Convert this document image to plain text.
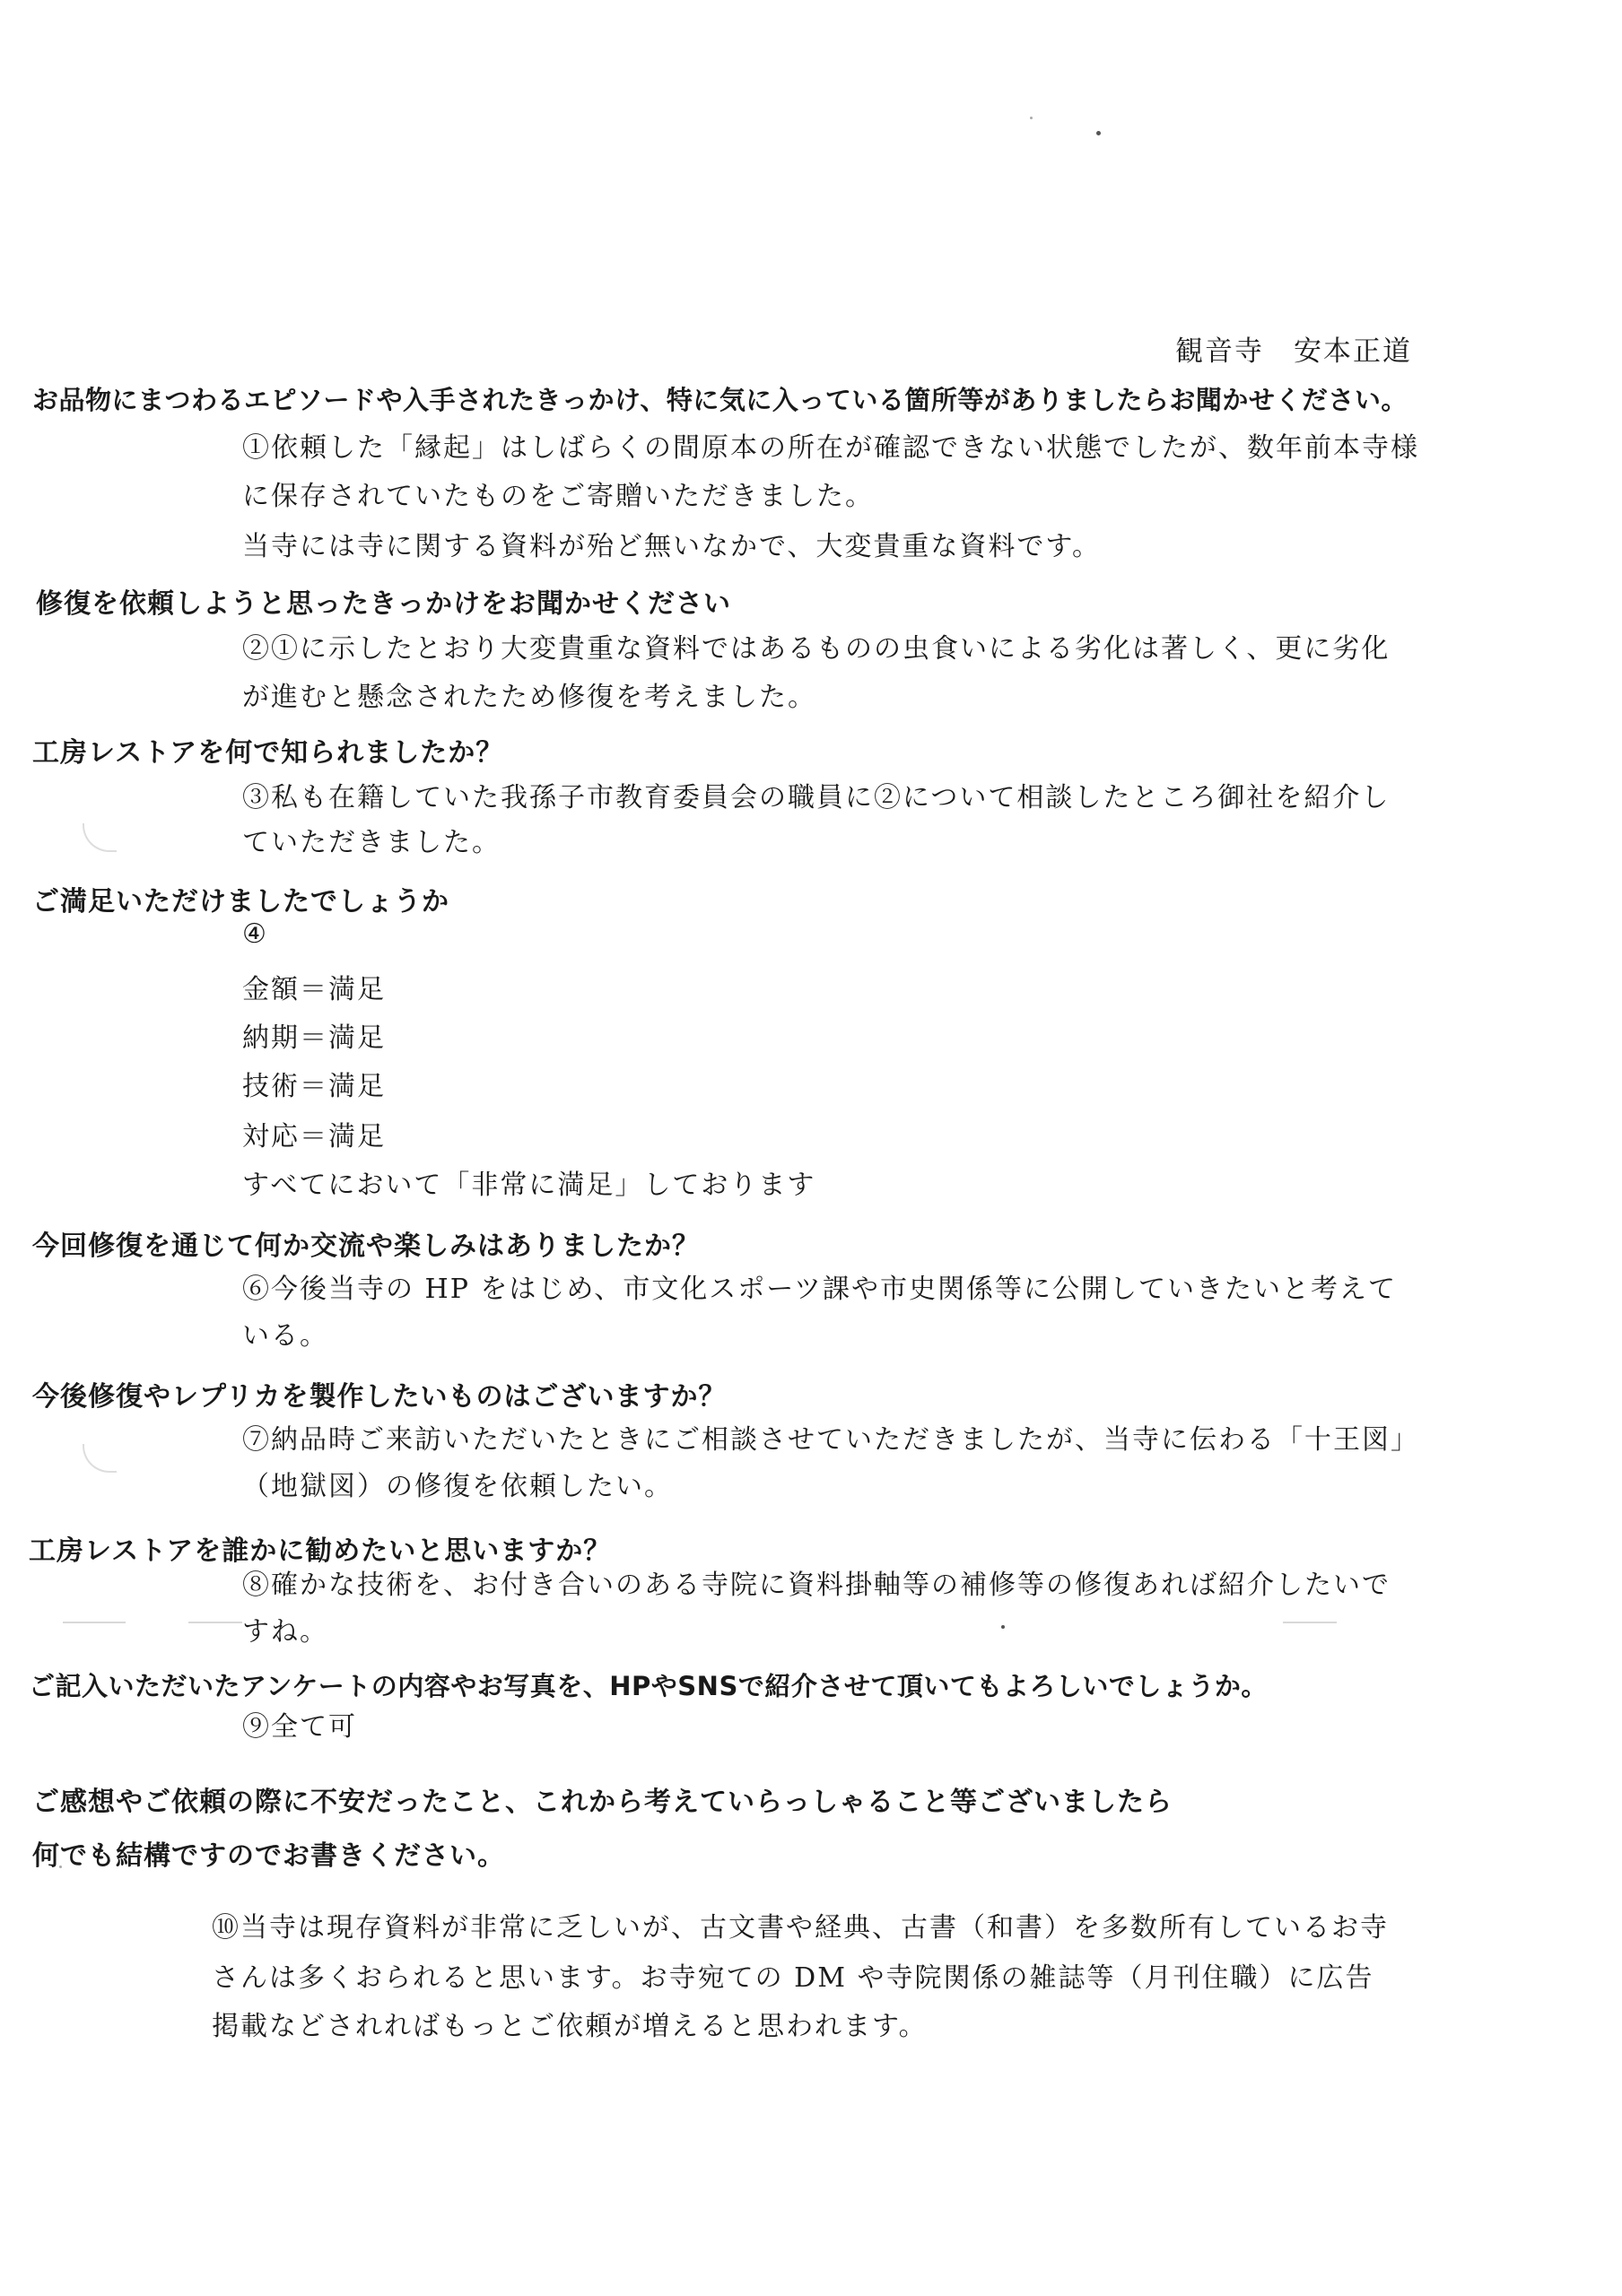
観音寺　安本正道
お品物にまつわるエピソードや入手されたきっかけ、特に気に入っている箇所等がありましたらお聞かせください。
①依頼した「縁起」はしばらくの間原本の所在が確認できない状態でしたが、数年前本寺様
に保存されていたものをご寄贈いただきました。
当寺には寺に関する資料が殆ど無いなかで、大変貴重な資料です。
修復を依頼しようと思ったきっかけをお聞かせください
②①に示したとおり大変貴重な資料ではあるものの虫食いによる劣化は著しく、更に劣化
が進むと懸念されたため修復を考えました。
工房レストアを何で知られましたか？
③私も在籍していた我孫子市教育委員会の職員に②について相談したところ御社を紹介し
ていただきました。
ご満足いただけましたでしょうか
④
金額＝満足
納期＝満足
技術＝満足
対応＝満足
すべてにおいて「非常に満足」しております
今回修復を通じて何か交流や楽しみはありましたか？
⑥今後当寺の HP をはじめ、市文化スポーツ課や市史関係等に公開していきたいと考えて
いる。
今後修復やレプリカを製作したいものはございますか？
⑦納品時ご来訪いただいたときにご相談させていただきましたが、当寺に伝わる「十王図」
（地獄図）の修復を依頼したい。
工房レストアを誰かに勧めたいと思いますか？
⑧確かな技術を、お付き合いのある寺院に資料掛軸等の補修等の修復あれば紹介したいで
すね。
ご記入いただいたアンケートの内容やお写真を、HPやSNSで紹介させて頂いてもよろしいでしょうか。
⑨全て可
ご感想やご依頼の際に不安だったこと、これから考えていらっしゃること等ございましたら
何でも結構ですのでお書きください。
⑩当寺は現存資料が非常に乏しいが、古文書や経典、古書（和書）を多数所有しているお寺
さんは多くおられると思います。お寺宛ての DM や寺院関係の雑誌等（月刊住職）に広告
掲載などされればもっとご依頼が増えると思われます。
